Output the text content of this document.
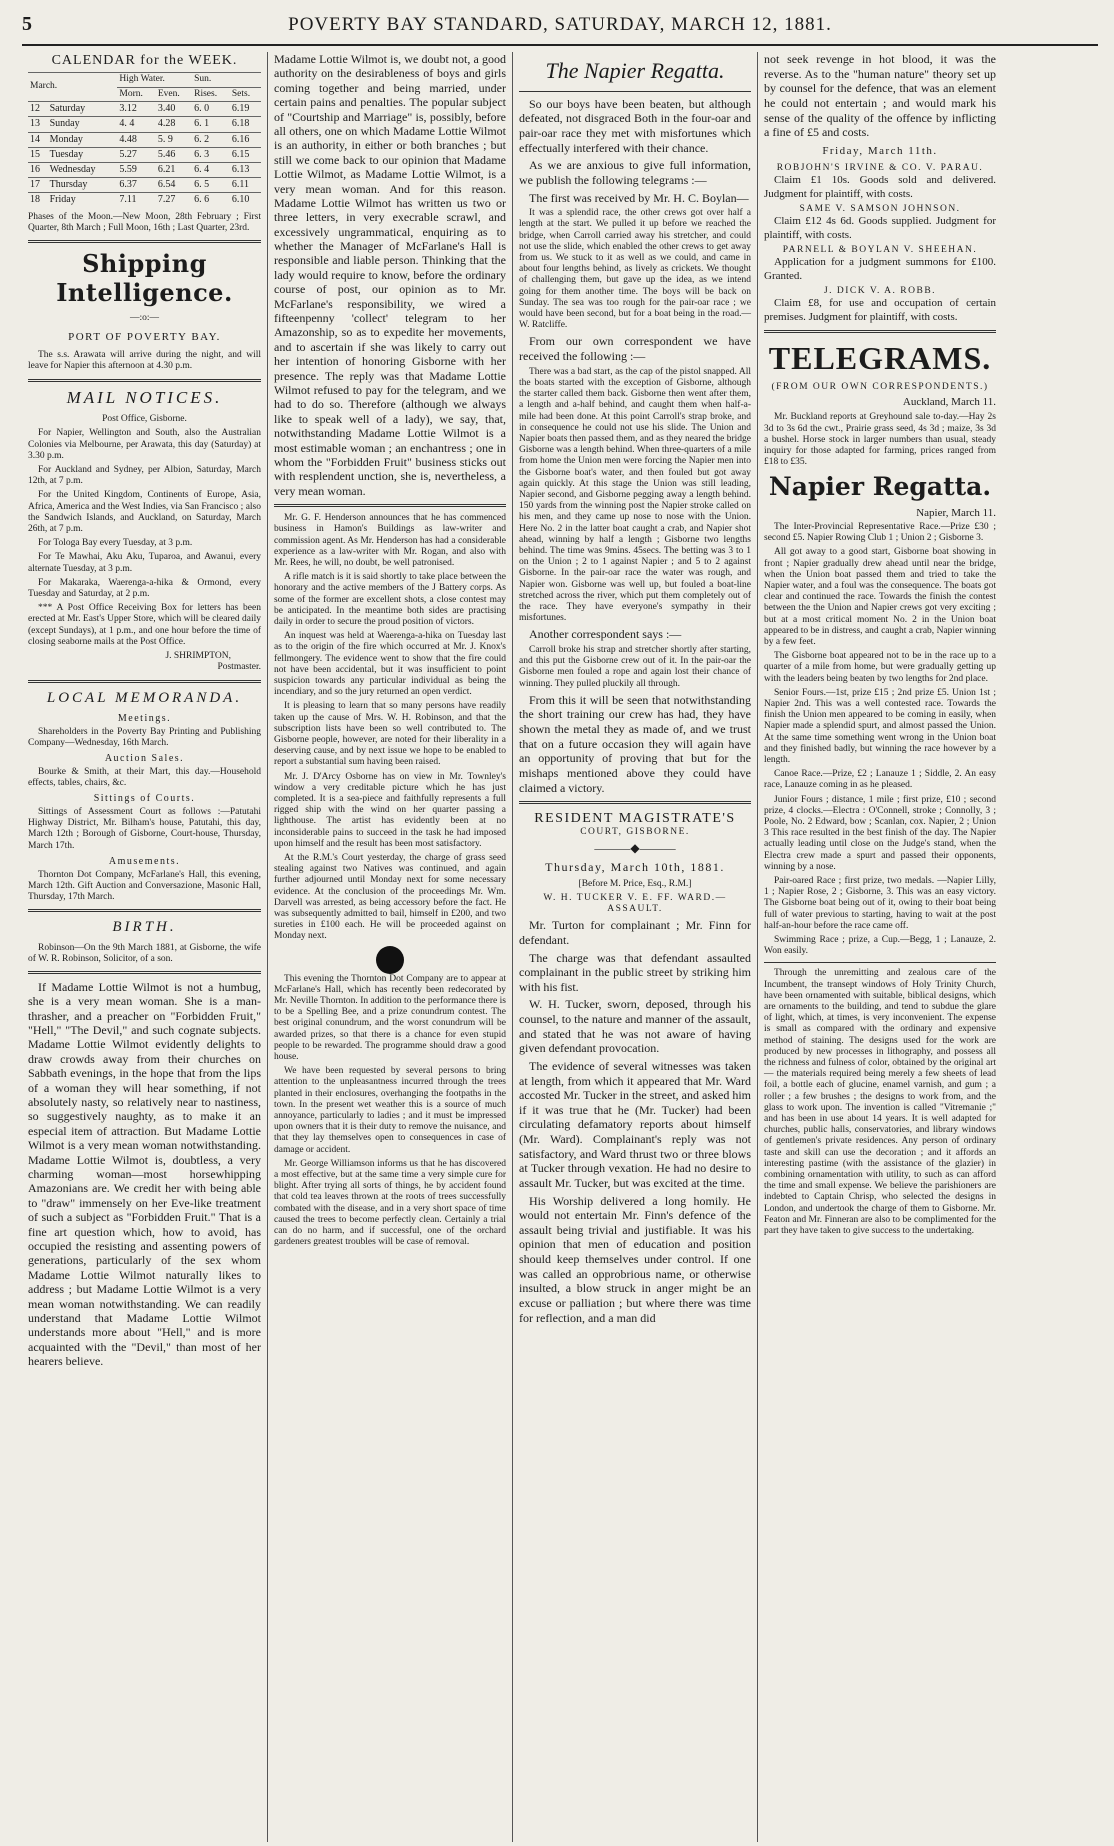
5	POVERTY BAY STANDARD, SATURDAY, MARCH 12, 1881.
CALENDAR for the WEEK.
March.		High Water.		Sun.	
		Morn.	Even.	Rises.	Sets.
12	Saturday	3.12	3.40	6. 0	6.19
13	Sunday	4. 4	4.28	6. 1	6.18
14	Monday	4.48	5. 9	6. 2	6.16
15	Tuesday	5.27	5.46	6. 3	6.15
16	Wednesday	5.59	6.21	6. 4	6.13
17	Thursday	6.37	6.54	6. 5	6.11
18	Friday	7.11	7.27	6. 6	6.10

Phases of the Moon.—New Moon, 28th February ; First Quarter, 8th March ; Full Moon, 16th ; Last Quarter, 23rd.

Shipping Intelligence.
—:o:—
PORT OF POVERTY BAY.

The s.s. Arawata will arrive during the night, and will leave for Napier this afternoon at 4.30 p.m.

MAIL NOTICES.
Post Office, Gisborne.

For Napier, Wellington and South, also the Australian Colonies via Melbourne, per Arawata, this day (Saturday) at 3.30 p.m.

For Auckland and Sydney, per Albion, Saturday, March 12th, at 7 p.m.

For the United Kingdom, Continents of Europe, Asia, Africa, America and the West Indies, via San Francisco ; also the Sandwich Islands, and Auckland, on Saturday, March 26th, at 7 p.m.

For Tologa Bay every Tuesday, at 3 p.m.

For Te Mawhai, Aku Aku, Tuparoa, and Awanui, every alternate Tuesday, at 3 p.m.

For Makaraka, Waerenga-a-hika & Ormond, every Tuesday and Saturday, at 2 p.m.

*** A Post Office Receiving Box for letters has been erected at Mr. East's Upper Store, which will be cleared daily (except Sundays), at 1 p.m., and one hour before the time of closing seaborne mails at the Post Office.

J. SHRIMPTON,
Postmaster.
LOCAL MEMORANDA.
Meetings.

Shareholders in the Poverty Bay Printing and Publishing Company—Wednesday, 16th March.

Auction Sales.

Bourke & Smith, at their Mart, this day.—Household effects, tables, chairs, &c.

Sittings of Courts.

Sittings of Assessment Court as follows :—Patutahi Highway District, Mr. Bilham's house, Patutahi, this day, March 12th ; Borough of Gisborne, Court-house, Thursday, March 17th.

Amusements.

Thornton Dot Company, McFarlane's Hall, this evening, March 12th. Gift Auction and Conversazione, Masonic Hall, Thursday, 17th March.

BIRTH.

Robinson—On the 9th March 1881, at Gisborne, the wife of W. R. Robinson, Solicitor, of a son.

If Madame Lottie Wilmot is not a humbug, she is a very mean woman. She is a man-thrasher, and a preacher on "Forbidden Fruit," "Hell," "The Devil," and such cognate subjects. Madame Lottie Wilmot evidently delights to draw crowds away from their churches on Sabbath evenings, in the hope that from the lips of a woman they will hear something, if not absolutely nasty, so relatively near to nastiness, so suggestively naughty, as to make it an especial item of attraction. But Madame Lottie Wilmot is a very mean woman notwithstanding. Madame Lottie Wilmot is, doubtless, a very charming woman—most horsewhipping Amazonians are. We credit her with being able to "draw" immensely on her Eve-like treatment of such a subject as "Forbidden Fruit." That is a fine art question which, how to avoid, has occupied the resisting and assenting powers of generations, particularly of the sex whom Madame Lottie Wilmot naturally likes to address ; but Madame Lottie Wilmot is a very mean woman notwithstanding. We can readily understand that Madame Lottie Wilmot understands more about "Hell," and is more acquainted with the "Devil," than most of her hearers believe.

Madame Lottie Wilmot is, we doubt not, a good authority on the desirableness of boys and girls coming together and being married, under certain pains and penalties. The popular subject of "Courtship and Marriage" is, possibly, before all others, one on which Madame Lottie Wilmot is an authority, in either or both branches ; but still we come back to our opinion that Madame Lottie Wilmot, as Madame Lottie Wilmot, is a very mean woman. And for this reason. Madame Lottie Wilmot has written us two or three letters, in very execrable scrawl, and excessively ungrammatical, enquiring as to whether the Manager of McFarlane's Hall is responsible and liable person. Thinking that the lady would require to know, before the ordinary course of post, our opinion as to Mr. McFarlane's responsibility, we wired a fifteenpenny 'collect' telegram to her Amazonship, so as to expedite her movements, and to ascertain if she was likely to carry out her intention of honoring Gisborne with her presence. The reply was that Madame Lottie Wilmot refused to pay for the telegram, and we had to do so. Therefore (although we always like to speak well of a lady), we say, that, notwithstanding Madame Lottie Wilmot is a most estimable woman ; an enchantress ; one in whom the "Forbidden Fruit" business sticks out with resplendent unction, she is, nevertheless, a very mean woman.

Mr. G. F. Henderson announces that he has commenced business in Hamon's Buildings as law-writer and commission agent. As Mr. Henderson has had a considerable experience as a law-writer with Mr. Rogan, and also with Mr. Rees, he will, no doubt, be well patronised.

A rifle match is it is said shortly to take place between the honorary and the active members of the J Battery corps. As some of the former are excellent shots, a close contest may be anticipated. In the meantime both sides are practising daily in order to secure the proud position of victors.

An inquest was held at Waerenga-a-hika on Tuesday last as to the origin of the fire which occurred at Mr. J. Knox's fellmongery. The evidence went to show that the fire could not have been accidental, but it was insufficient to point suspicion towards any particular individual as being the incendiary, and so the jury returned an open verdict.

It is pleasing to learn that so many persons have readily taken up the cause of Mrs. W. H. Robinson, and that the subscription lists have been so well contributed to. The Gisborne people, however, are noted for their liberality in a deserving cause, and by next issue we hope to be enabled to report a substantial sum having been raised.

Mr. J. D'Arcy Osborne has on view in Mr. Townley's window a very creditable picture which he has just completed. It is a sea-piece and faithfully represents a full rigged ship with the wind on her quarter passing a lighthouse. The artist has evidently been at no inconsiderable pains to succeed in the task he had imposed upon himself and the result has been most satisfactory.

At the R.M.'s Court yesterday, the charge of grass seed stealing against two Natives was continued, and again further adjourned until Monday next for some necessary evidence. At the conclusion of the proceedings Mr. Wm. Darvell was arrested, as being accessory before the fact. He was subsequently admitted to bail, himself in £200, and two sureties in £100 each. He will be proceeded against on Monday next.

This evening the Thornton Dot Company are to appear at McFarlane's Hall, which has recently been redecorated by Mr. Neville Thornton. In addition to the performance there is to be a Spelling Bee, and a prize conundrum contest. The best original conundrum, and the worst conundrum will be awarded prizes, so that there is a chance for even stupid people to be rewarded. The programme should draw a good house.

We have been requested by several persons to bring attention to the unpleasantness incurred through the trees planted in their enclosures, overhanging the footpaths in the town. In the present wet weather this is a source of much annoyance, particularly to ladies ; and it must be impressed upon owners that it is their duty to remove the nuisance, and that they lay themselves open to consequences in case of damage or accident.

Mr. George Williamson informs us that he has discovered a most effective, but at the same time a very simple cure for blight. After trying all sorts of things, he by accident found that cold tea leaves thrown at the roots of trees successfully combated with the disease, and in a very short space of time caused the trees to become perfectly clean. Certainly a trial can do no harm, and if successful, one of the orchard gardeners greatest troubles will be case of removal.

The Napier Regatta.

So our boys have been beaten, but although defeated, not disgraced Both in the four-oar and pair-oar race they met with misfortunes which effectually interfered with their chance.

As we are anxious to give full information, we publish the following telegrams :—

The first was received by Mr. H. C. Boylan—

It was a splendid race, the other crews got over half a length at the start. We pulled it up before we reached the bridge, when Carroll carried away his stretcher, and could not use the slide, which enabled the other crews to get away from us. We stuck to it as well as we could, and came in about four lengths behind, as lively as crickets. We thought of challenging them, but gave up the idea, as we intend going for them another time. The boys will be back on Sunday. The sea was too rough for the pair-oar race ; we would have been second, but for a boat being in the road.—W. Ratcliffe.

From our own correspondent we have received the following :—

There was a bad start, as the cap of the pistol snapped. All the boats started with the exception of Gisborne, although the starter called them back. Gisborne then went after them, a length and a-half behind, and caught them when half-a-mile had been done. At this point Carroll's strap broke, and in consequence he could not use his slide. The Union and Napier boats then passed them, and as they neared the bridge Gisborne was a length behind. When three-quarters of a mile from home the Union men were forcing the Napier men into the Gisborne boat's water, and then fouled but got away again quickly. At this stage the Union was still leading, Napier second, and Gisborne pegging away a length behind. 150 yards from the winning post the Napier stroke called on his men, and they came up nose to nose with the Union. Here No. 2 in the latter boat caught a crab, and Napier shot ahead, winning by half a length ; Gisborne two lengths behind. The time was 9mins. 45secs. The betting was 3 to 1 on the Union ; 2 to 1 against Napier ; and 5 to 2 against Gisborne. In the pair-oar race the water was rough, and Napier won. Gisborne was well up, but fouled a boat-line stretched across the river, which put them completely out of the race. They have everyone's sympathy in their misfortunes.

Another correspondent says :—

Carroll broke his strap and stretcher shortly after starting, and this put the Gisborne crew out of it. In the pair-oar the Gisborne men fouled a rope and again lost their chance of winning. They pulled pluckily all through.

From this it will be seen that notwithstanding the short training our crew has had, they have shown the metal they as made of, and we trust that on a future occasion they will again have an opportunity of proving that but for the mishaps mentioned above they could have claimed a victory.

RESIDENT MAGISTRATE'S
COURT, GISBORNE.
———◆———
Thursday, March 10th, 1881.
[Before M. Price, Esq., R.M.]
W. H. TUCKER V. E. FF. WARD.—ASSAULT.

Mr. Turton for complainant ; Mr. Finn for defendant.

The charge was that defendant assaulted complainant in the public street by striking him with his fist.

W. H. Tucker, sworn, deposed, through his counsel, to the nature and manner of the assault, and stated that he was not aware of having given defendant provocation.

The evidence of several witnesses was taken at length, from which it appeared that Mr. Ward accosted Mr. Tucker in the street, and asked him if it was true that he (Mr. Tucker) had been circulating defamatory reports about himself (Mr. Ward). Complainant's reply was not satisfactory, and Ward thrust two or three blows at Tucker through vexation. He had no desire to assault Mr. Tucker, but was excited at the time.

His Worship delivered a long homily. He would not entertain Mr. Finn's defence of the assault being trivial and justifiable. It was his opinion that men of education and position should keep themselves under control. If one was called an opprobrious name, or otherwise insulted, a blow struck in anger might be an excuse or palliation ; but where there was time for reflection, and a man did

not seek revenge in hot blood, it was the reverse. As to the "human nature" theory set up by counsel for the defence, that was an element he could not entertain ; and would mark his sense of the quality of the offence by inflicting a fine of £5 and costs.

Friday, March 11th.
ROBJOHN'S IRVINE & CO. V. PARAU.

Claim £1 10s. Goods sold and delivered. Judgment for plaintiff, with costs.

SAME V. SAMSON JOHNSON.

Claim £12 4s 6d. Goods supplied. Judgment for plaintiff, with costs.

PARNELL & BOYLAN V. SHEEHAN.

Application for a judgment summons for £100. Granted.

J. DICK V. A. ROBB.

Claim £8, for use and occupation of certain premises. Judgment for plaintiff, with costs.

TELEGRAMS.
(FROM OUR OWN CORRESPONDENTS.)
Auckland, March 11.

Mr. Buckland reports at Greyhound sale to-day.—Hay 2s 3d to 3s 6d the cwt., Prairie grass seed, 4s 3d ; maize, 3s 3d a bushel. Horse stock in larger numbers than usual, steady inquiry for those adapted for farming, prices ranged from £18 to £35.

Napier Regatta.
Napier, March 11.

The Inter-Provincial Representative Race.—Prize £30 ; second £5. Napier Rowing Club 1 ; Union 2 ; Gisborne 3.

All got away to a good start, Gisborne boat showing in front ; Napier gradually drew ahead until near the bridge, when the Union boat passed them and tried to take the Napier water, and a foul was the consequence. The boats got clear and continued the race. Towards the finish the contest between the the Union and Napier crews got very exciting ; but at a most critical moment No. 2 in the Union boat appeared to be in distress, and caught a crab, Napier winning by a few feet.

The Gisborne boat appeared not to be in the race up to a quarter of a mile from home, but were gradually getting up with the leaders being beaten by two lengths for 2nd place.

Senior Fours.—1st, prize £15 ; 2nd prize £5. Union 1st ; Napier 2nd. This was a well contested race. Towards the finish the Union men appeared to be coming in easily, when Napier made a splendid spurt, and almost passed the Union. At the same time something went wrong in the Union boat and they finished badly, but winning the race however by a length.

Canoe Race.—Prize, £2 ; Lanauze 1 ; Siddle, 2. An easy race, Lanauze coming in as he pleased.

Junior Fours ; distance, 1 mile ; first prize, £10 ; second prize, 4 clocks.—Electra : O'Connell, stroke ; Connolly, 3 ; Poole, No. 2 Edward, bow ; Scanlan, cox. Napier, 2 ; Union 3 This race resulted in the best finish of the day. The Napier actually leading until close on the Judge's stand, when the Electra crew made a spurt and passed their opponents, winning by a nose.

Pair-oared Race ; first prize, two medals. —Napier Lilly, 1 ; Napier Rose, 2 ; Gisborne, 3. This was an easy victory. The Gisborne boat being out of it, owing to their boat being full of water previous to starting, having to wait at the post half-an-hour before the race came off.

Swimming Race ; prize, a Cup.—Begg, 1 ; Lanauze, 2. Won easily.

Through the unremitting and zealous care of the Incumbent, the transept windows of Holy Trinity Church, have been ornamented with suitable, biblical designs, which are ornaments to the building, and tend to subdue the glare of light, which, at times, is very inconvenient. The expense is small as compared with the ordinary and expensive method of staining. The designs used for the work are produced by new processes in lithography, and possess all the richness and fulness of color, obtained by the original art — the materials required being merely a few sheets of lead foil, a bottle each of glucine, enamel varnish, and gum ; a roller ; a few brushes ; the designs to work from, and the glass to work upon. The invention is called "Vitremanie ;" and has been in use about 14 years. It is well adapted for churches, public halls, conservatories, and library windows of gentlemen's private residences. Any person of ordinary taste and skill can use the decoration ; and it affords an interesting pastime (with the assistance of the glazier) in combining ornamentation with utility, to such as can afford the time and small expense. We believe the parishioners are indebted to Captain Chrisp, who selected the designs in London, and undertook the charge of them to Gisborne. Mr. Featon and Mr. Finneran are also to be complimented for the part they have taken to give success to the undertaking.
